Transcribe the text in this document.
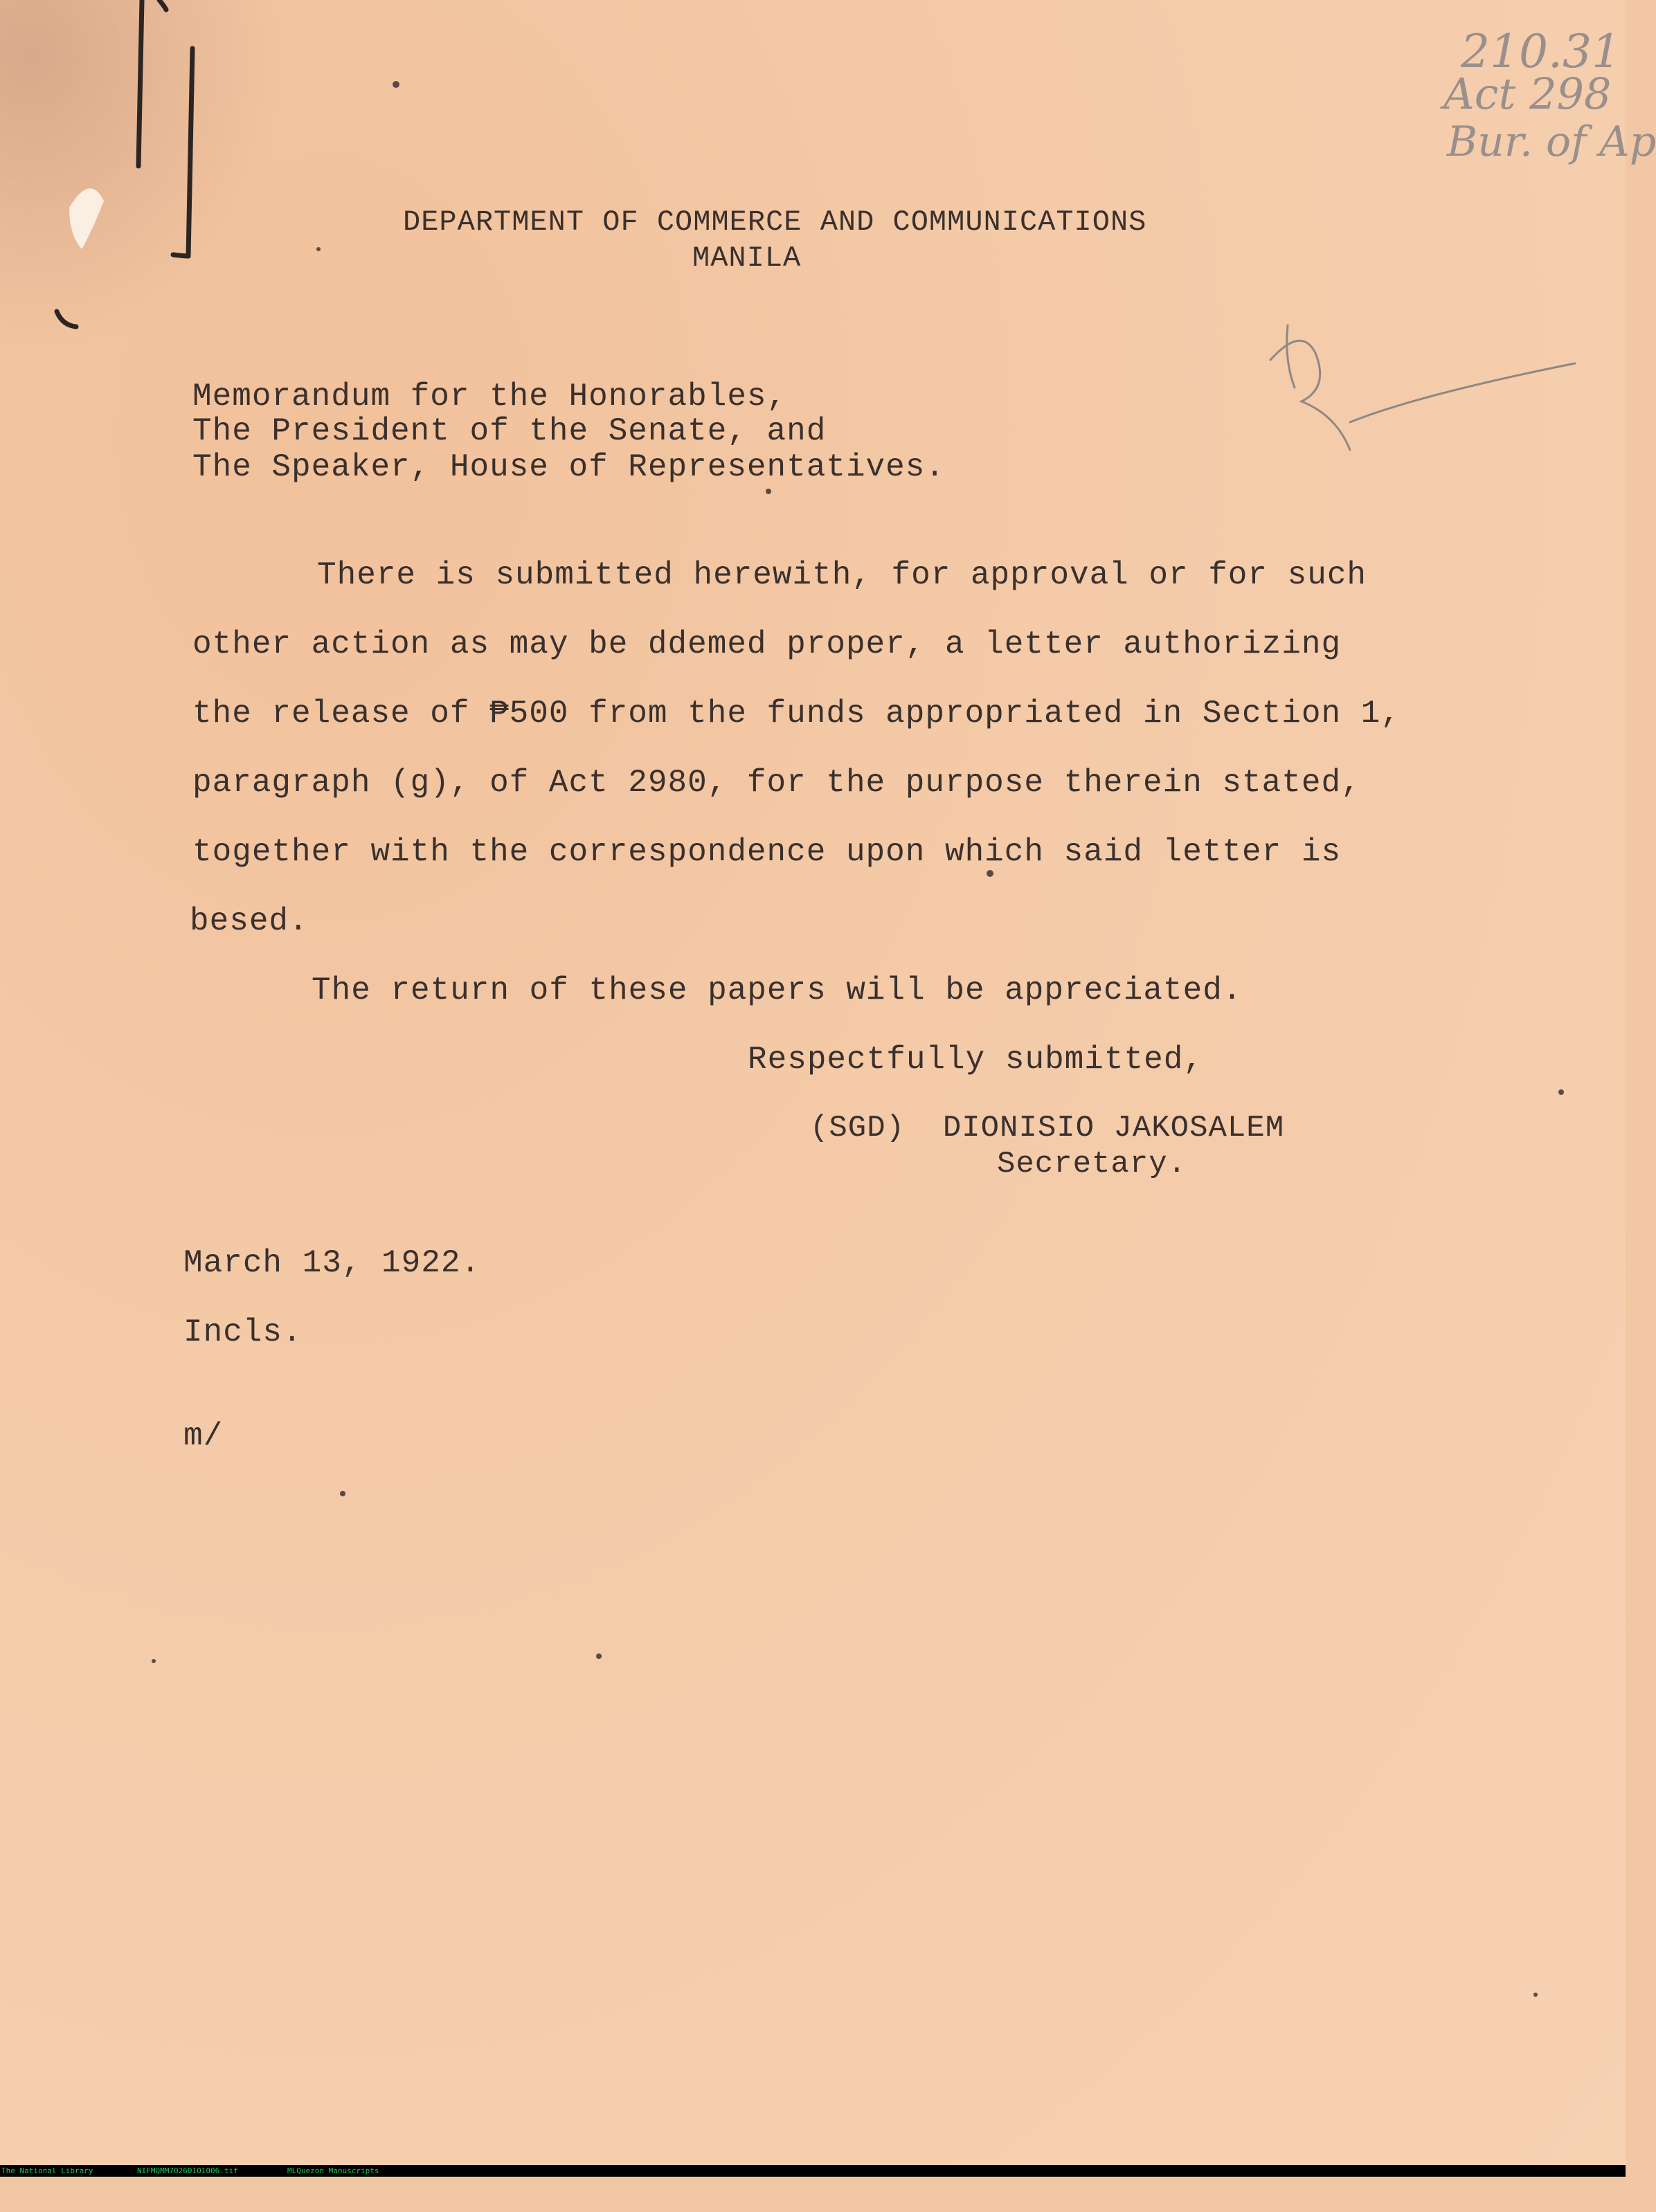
210.31
Act 298
Bur. of Ap
DEPARTMENT OF COMMERCE AND COMMUNICATIONS
MANILA
Memorandum for the Honorables,
The President of the Senate, and
The Speaker, House of Representatives.
There is submitted herewith, for approval or for such
other action as may be ddemed proper, a letter authorizing
the release of ₱500 from the funds appropriated in Section 1,
paragraph (g), of Act 2980, for the purpose therein stated,
together with the correspondence upon which said letter is
besed.
The return of these papers will be appreciated.
Respectfully submitted,
(SGD)  DIONISIO JAKOSALEM
Secretary.
March 13, 1922.
Incls.
m/

The National Library

	NIFMQMM70260101006.tif

	MLQuezon Manuscripts
